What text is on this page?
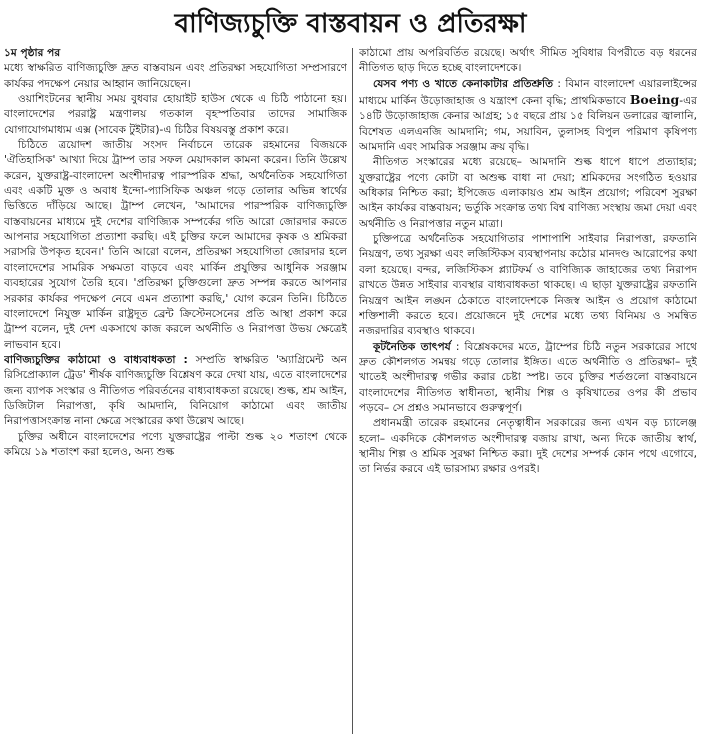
বাণিজ্যচুক্তি বাস্তবায়ন ও প্রতিরক্ষা
১ম পৃষ্ঠার পর

মধ্যে স্বাক্ষরিত বাণিজ্যচুক্তি দ্রুত বাস্তবায়ন এবং প্রতিরক্ষা সহযোগিতা সম্প্রসারণে কার্যকর পদক্ষেপ নেয়ার আহ্বান জানিয়েছেন।

ওয়াশিংটনের স্থানীয় সময় বুধবার হোয়াইট হাউস থেকে এ চিঠি পাঠানো হয়। বাংলাদেশের পররাষ্ট্র মন্ত্রণালয় গতকাল বৃহস্পতিবার তাদের সামাজিক যোগাযোগমাধ্যম এক্স (সাবেক টুইটার)-এ চিঠির বিষয়বস্তু প্রকাশ করে।

চিঠিতে ত্রয়োদশ জাতীয় সংসদ নির্বাচনে তারেক রহমানের বিজয়কে 'ঐতিহাসিক' আখ্যা দিয়ে ট্রাম্প তার সফল মেয়াদকাল কামনা করেন। তিনি উল্লেখ করেন, যুক্তরাষ্ট্র-বাংলাদেশ অংশীদারত্ব পারস্পরিক শ্রদ্ধা, অর্থনৈতিক সহযোগিতা এবং একটি মুক্ত ও অবাধ ইন্দো-প্যাসিফিক অঞ্চল গড়ে তোলার অভিন্ন স্বার্থের ভিত্তিতে দাঁড়িয়ে আছে। ট্রাম্প লেখেন, 'আমাদের পারস্পরিক বাণিজ্যচুক্তি বাস্তবায়নের মাধ্যমে দুই দেশের বাণিজ্যিক সম্পর্কের গতি আরো জোরদার করতে আপনার সহযোগিতা প্রত্যাশা করছি। এই চুক্তির ফলে আমাদের কৃষক ও শ্রমিকরা সরাসরি উপকৃত হবেন।' তিনি আরো বলেন, প্রতিরক্ষা সহযোগিতা জোরদার হলে বাংলাদেশের সামরিক সক্ষমতা বাড়বে এবং মার্কিন প্রযুক্তির আধুনিক সরঞ্জাম ব্যবহারের সুযোগ তৈরি হবে। 'প্রতিরক্ষা চুক্তিগুলো দ্রুত সম্পন্ন করতে আপনার সরকার কার্যকর পদক্ষেপ নেবে এমন প্রত্যাশা করছি,' যোগ করেন তিনি। চিঠিতে বাংলাদেশে নিযুক্ত মার্কিন রাষ্ট্রদূত ব্রেন্ট ক্রিস্টেনসেনের প্রতি আস্থা প্রকাশ করে ট্রাম্প বলেন, দুই দেশ একসাথে কাজ করলে অর্থনীতি ও নিরাপত্তা উভয় ক্ষেত্রেই লাভবান হবে।

বাণিজ্যচুক্তির কাঠামো ও বাধ্যবাধকতা : সম্প্রতি স্বাক্ষরিত 'অ্যাগ্রিমেন্ট অন রিসিপ্রোক্যাল ট্রেড' শীর্ষক বাণিজ্যচুক্তি বিশ্লেষণ করে দেখা যায়, এতে বাংলাদেশের জন্য ব্যাপক সংস্কার ও নীতিগত পরিবর্তনের বাধ্যবাধকতা রয়েছে। শুল্ক, শ্রম আইন, ডিজিটাল নিরাপত্তা, কৃষি আমদানি, বিনিয়োগ কাঠামো এবং জাতীয় নিরাপত্তাসংক্রান্ত নানা ক্ষেত্রে সংস্কারের কথা উল্লেখ আছে।

চুক্তির অধীনে বাংলাদেশের পণ্যে যুক্তরাষ্ট্রের পাল্টা শুল্ক ২০ শতাংশ থেকে কমিয়ে ১৯ শতাংশ করা হলেও, অন্য শুল্ক

কাঠামো প্রায় অপরিবর্তিত রয়েছে। অর্থাৎ সীমিত সুবিধার বিপরীতে বড় ধরনের নীতিগত ছাড় দিতে হচ্ছে বাংলাদেশকে।

যেসব পণ্য ও খাতে কেনাকাটার প্রতিশ্রুতি : বিমান বাংলাদেশ এয়ারলাইন্সের মাধ্যমে মার্কিন উড়োজাহাজ ও যন্ত্রাংশ কেনা বৃদ্ধি; প্রাথমিকভাবে Boeing-এর ১৪টি উড়োজাহাজ কেনার আগ্রহ; ১৫ বছরে প্রায় ১৫ বিলিয়ন ডলারের জ্বালানি, বিশেষত এলএনজি আমদানি; গম, সয়াবিন, তুলাসহ বিপুল পরিমাণ কৃষিপণ্য আমদানি এবং সামরিক সরঞ্জাম ক্রয় বৃদ্ধি।

নীতিগত সংস্কারের মধ্যে রয়েছে– আমদানি শুল্ক ধাপে ধাপে প্রত্যাহার; যুক্তরাষ্ট্রের পণ্যে কোটা বা অশুল্ক বাধা না দেয়া; শ্রমিকদের সংগঠিত হওয়ার অধিকার নিশ্চিত করা; ইপিজেড এলাকায়ও শ্রম আইন প্রয়োগ; পরিবেশ সুরক্ষা আইন কার্যকর বাস্তবায়ন; ভর্তুকি সংক্রান্ত তথ্য বিশ্ব বাণিজ্য সংস্থায় জমা দেয়া এবং অর্থনীতি ও নিরাপত্তার নতুন মাত্রা।

চুক্তিপত্রে অর্থনৈতিক সহযোগিতার পাশাপাশি সাইবার নিরাপত্তা, রফতানি নিয়ন্ত্রণ, তথ্য সুরক্ষা এবং লজিস্টিকস ব্যবস্থাপনায় কঠোর মানদণ্ড আরোপের কথা বলা হয়েছে। বন্দর, লজিস্টিকস প্ল্যাটফর্ম ও বাণিজ্যিক জাহাজের তথ্য নিরাপদ রাখতে উন্নত সাইবার ব্যবস্থার বাধ্যবাধকতা থাকছে। এ ছাড়া যুক্তরাষ্ট্রের রফতানি নিয়ন্ত্রণ আইন লঙ্ঘন ঠেকাতে বাংলাদেশকে নিজস্ব আইন ও প্রয়োগ কাঠামো শক্তিশালী করতে হবে। প্রয়োজনে দুই দেশের মধ্যে তথ্য বিনিময় ও সমন্বিত নজরদারির ব্যবস্থাও থাকবে।

কূটনৈতিক তাৎপর্য : বিশ্লেষকদের মতে, ট্রাম্পের চিঠি নতুন সরকারের সাথে দ্রুত কৌশলগত সমন্বয় গড়ে তোলার ইঙ্গিত। এতে অর্থনীতি ও প্রতিরক্ষা– দুই খাতেই অংশীদারত্ব গভীর করার চেষ্টা স্পষ্ট। তবে চুক্তির শর্তগুলো বাস্তবায়নে বাংলাদেশের নীতিগত স্বাধীনতা, স্থানীয় শিল্প ও কৃষিখাতের ওপর কী প্রভাব পড়বে– সে প্রশ্নও সমানভাবে গুরুত্বপূর্ণ।

প্রধানমন্ত্রী তারেক রহমানের নেতৃত্বাধীন সরকারের জন্য এখন বড় চ্যালেঞ্জ হলো– একদিকে কৌশলগত অংশীদারত্ব বজায় রাখা, অন্য দিকে জাতীয় স্বার্থ, স্থানীয় শিল্প ও শ্রমিক সুরক্ষা নিশ্চিত করা। দুই দেশের সম্পর্ক কোন পথে এগোবে, তা নির্ভর করবে এই ভারসাম্য রক্ষার ওপরই।
